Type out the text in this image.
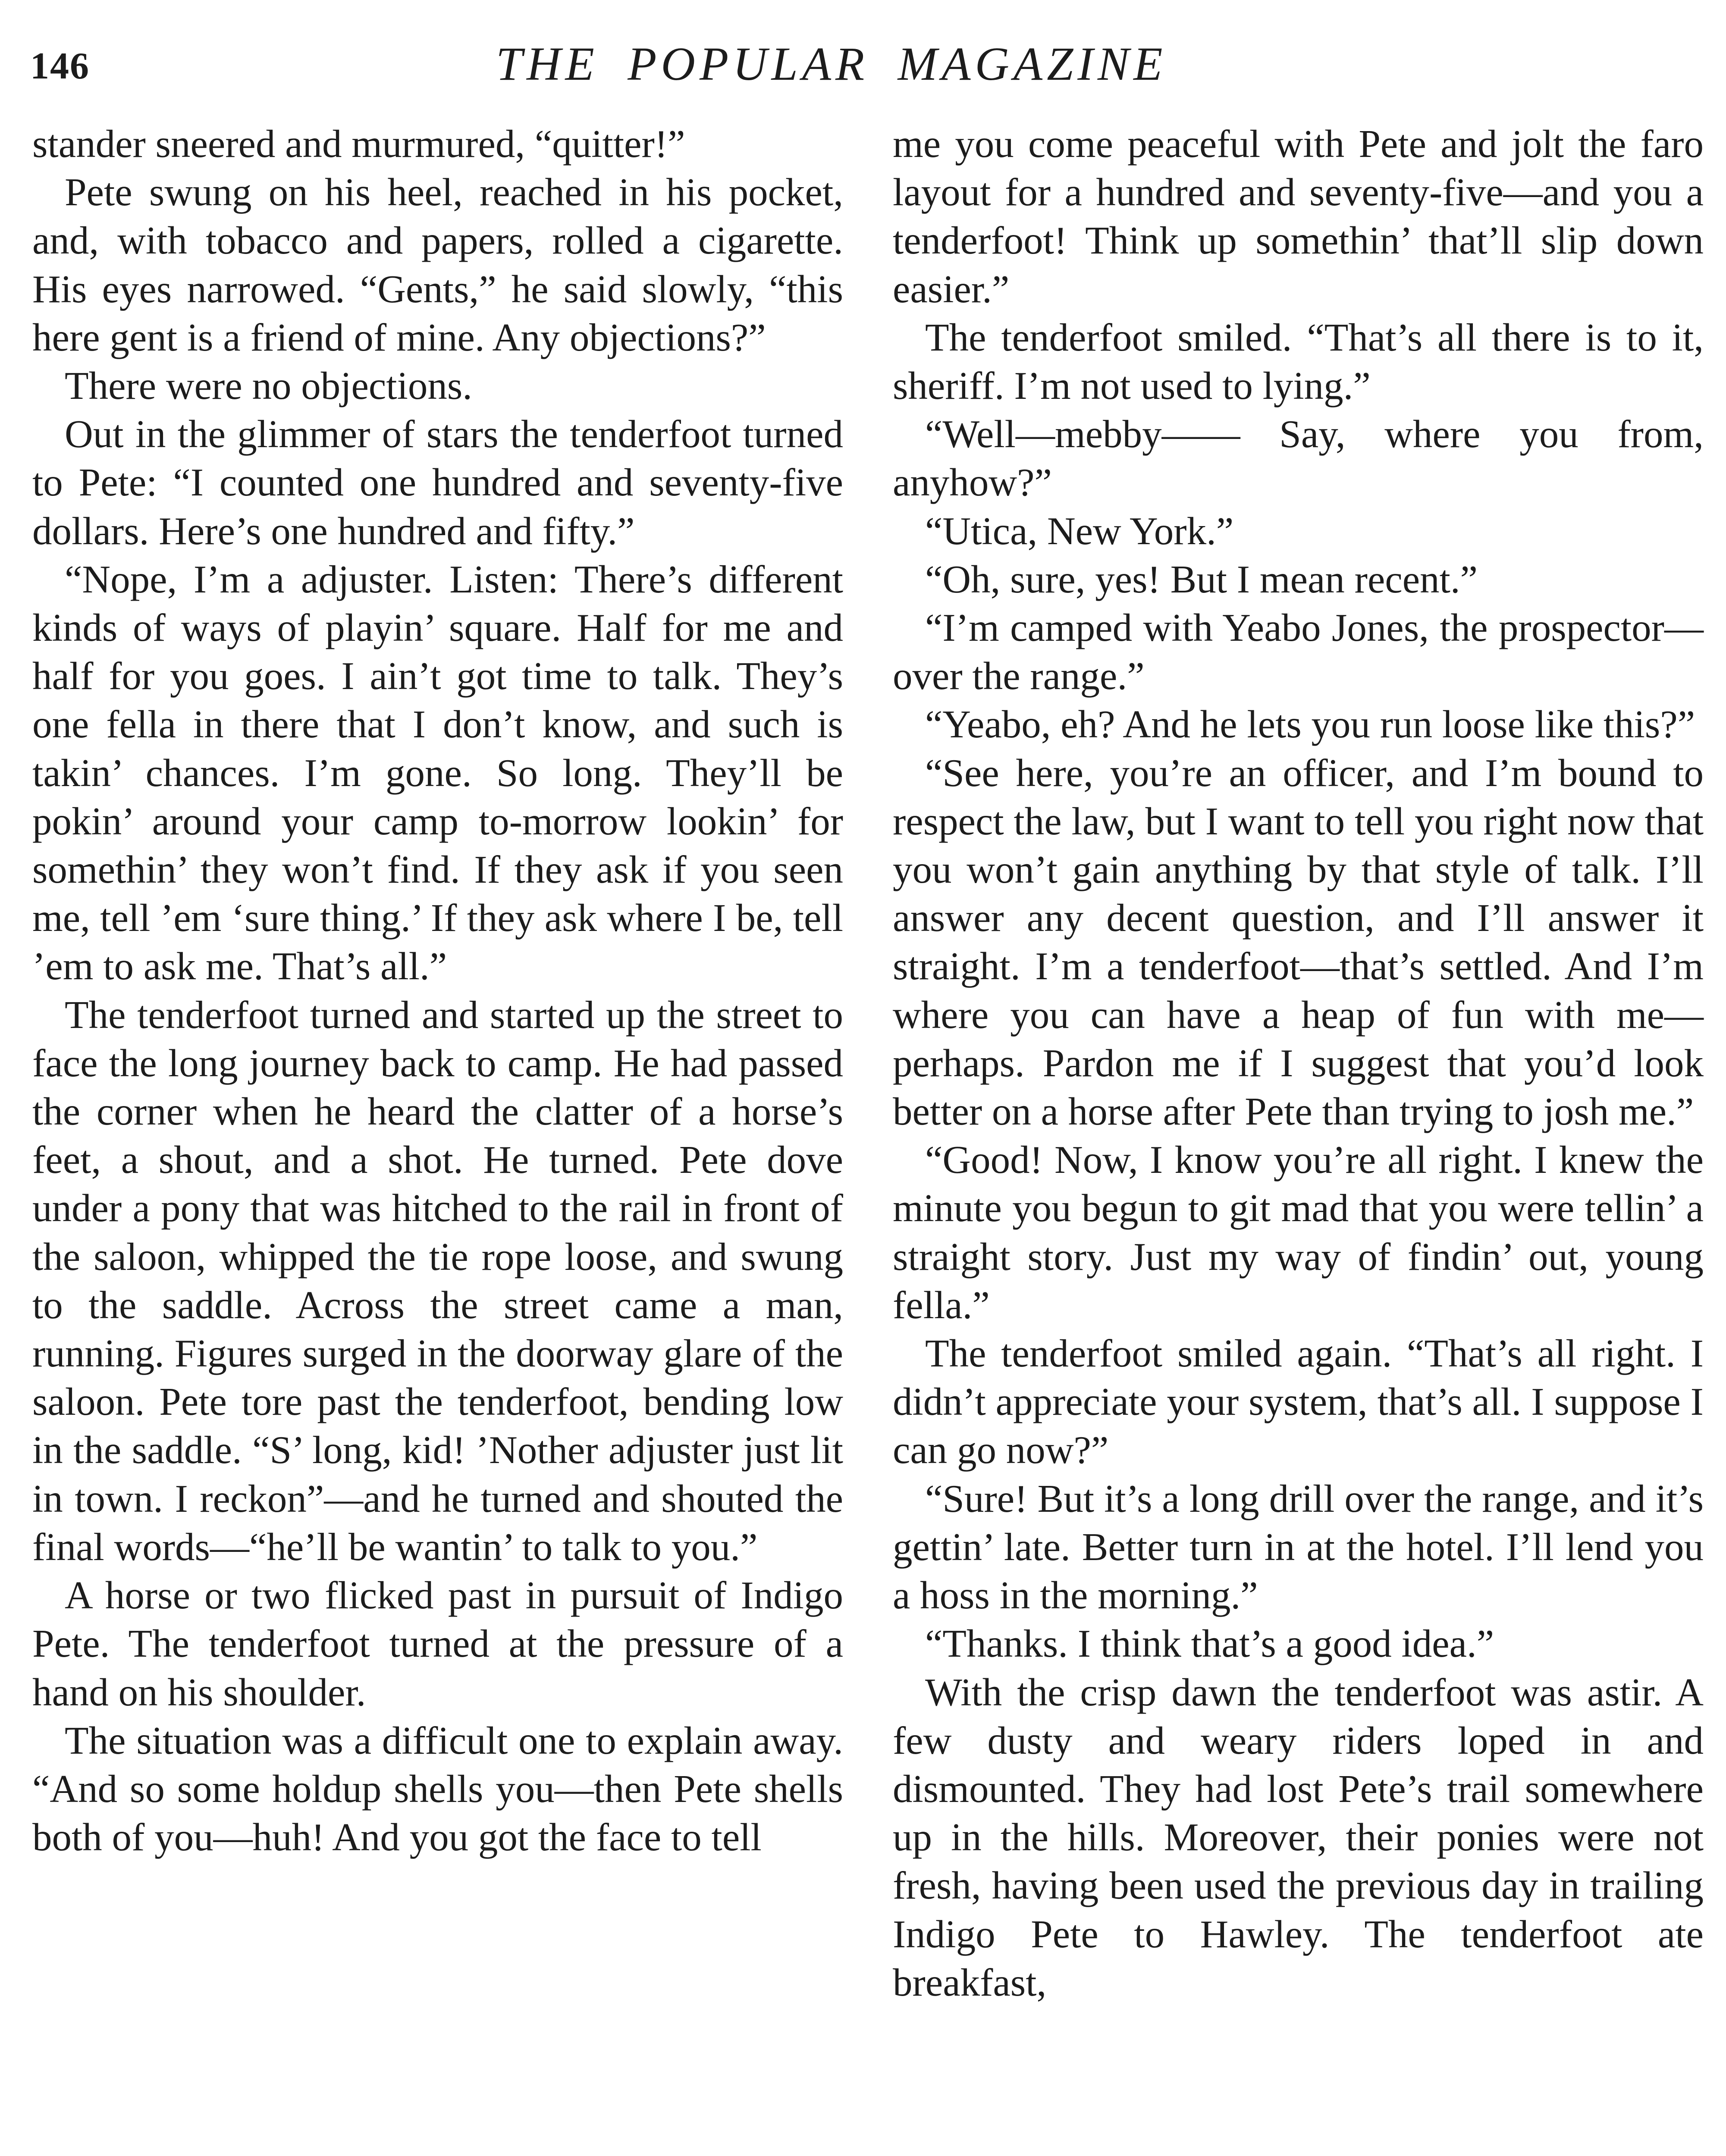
146	THE POPULAR MAGAZINE

stander sneered and murmured, “quitter!”

Pete swung on his heel, reached in his pocket, and, with tobacco and papers, rolled a cigarette. His eyes narrowed. “Gents,” he said slowly, “this here gent is a friend of mine. Any objections?”

There were no objections.

Out in the glimmer of stars the tenderfoot turned to Pete: “I counted one hundred and seventy-five dollars. Here’s one hundred and fifty.”

“Nope, I’m a adjuster. Listen: There’s different kinds of ways of playin’ square. Half for me and half for you goes. I ain’t got time to talk. They’s one fella in there that I don’t know, and such is takin’ chances. I’m gone. So long. They’ll be pokin’ around your camp to-morrow lookin’ for somethin’ they won’t find. If they ask if you seen me, tell ’em ‘sure thing.’ If they ask where I be, tell ’em to ask me. That’s all.”

The tenderfoot turned and started up the street to face the long journey back to camp. He had passed the corner when he heard the clatter of a horse’s feet, a shout, and a shot. He turned. Pete dove under a pony that was hitched to the rail in front of the saloon, whipped the tie rope loose, and swung to the saddle. Across the street came a man, running. Figures surged in the doorway glare of the saloon. Pete tore past the tenderfoot, bending low in the saddle. “S’ long, kid! ’Nother adjuster just lit in town. I reckon”—and he turned and shouted the final words—“he’ll be wantin’ to talk to you.”

A horse or two flicked past in pursuit of Indigo Pete. The tenderfoot turned at the pressure of a hand on his shoulder.

The situation was a difficult one to explain away. “And so some holdup shells you—then Pete shells both of you—huh! And you got the face to tell

me you come peaceful with Pete and jolt the faro layout for a hundred and seventy-five—and you a tenderfoot! Think up somethin’ that’ll slip down easier.”

The tenderfoot smiled. “That’s all there is to it, sheriff. I’m not used to lying.”

“Well—mebby—— Say, where you from, anyhow?”

“Utica, New York.”

“Oh, sure, yes! But I mean recent.”

“I’m camped with Yeabo Jones, the prospector—over the range.”

“Yeabo, eh? And he lets you run loose like this?”

“See here, you’re an officer, and I’m bound to respect the law, but I want to tell you right now that you won’t gain anything by that style of talk. I’ll answer any decent question, and I’ll answer it straight. I’m a tenderfoot—that’s settled. And I’m where you can have a heap of fun with me—perhaps. Pardon me if I suggest that you’d look better on a horse after Pete than trying to josh me.”

“Good! Now, I know you’re all right. I knew the minute you begun to git mad that you were tellin’ a straight story. Just my way of findin’ out, young fella.”

The tenderfoot smiled again. “That’s all right. I didn’t appreciate your system, that’s all. I suppose I can go now?”

“Sure! But it’s a long drill over the range, and it’s gettin’ late. Better turn in at the hotel. I’ll lend you a hoss in the morning.”

“Thanks. I think that’s a good idea.”

With the crisp dawn the tenderfoot was astir. A few dusty and weary riders loped in and dismounted. They had lost Pete’s trail somewhere up in the hills. Moreover, their ponies were not fresh, having been used the previous day in trailing Indigo Pete to Hawley. The tenderfoot ate breakfast,
